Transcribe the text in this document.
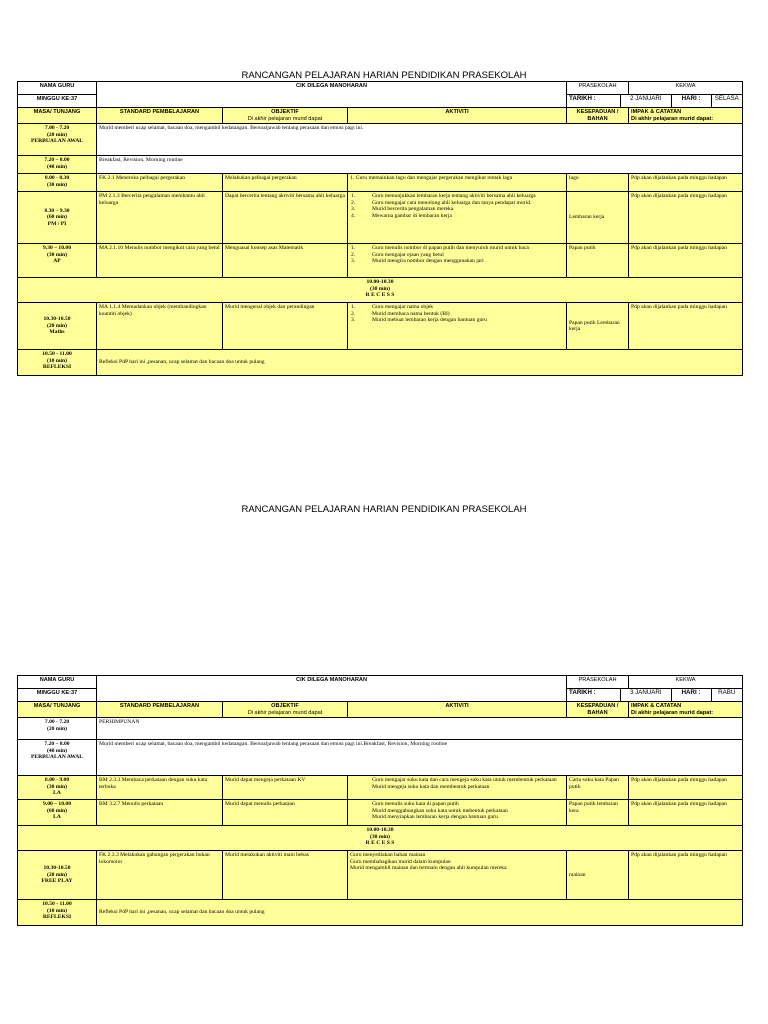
RANCANGAN PELAJARAN HARIAN PENDIDIKAN PRASEKOLAH
NAMA GURU	CIK DILEGA MANOHARAN	PRASEKOLAH	KEKWA
MINGGU KE:37		TARIKH :	2 JANUARI	HARI :	SELASA

MASA/ TUNJANG	STANDARD PEMBELAJARAN	OBJEKTIF
Di akhir pelajaran murid dapat
	AKTIVITI	KESEPADUAN / BAHAN	IMPAK & CATATAN
Di akhir pelajaran murid dapat:

7.00 - 7.20
(20 min)
PERBUALAN AWAL
	Murid memberi ucap selamat, bacaan doa, mengambil kedatangan. Bersoaljawab tentang perasaan dan emosi pagi ini.

7.20 – 8.00
(40 min)
	Breakfast, Revision, Morning routine

8.00 - 8.30
(30 min)
	FK 2.1 Meneroka pelbagai pergerakan	Melakukan pelbagai pergerakan	1. Guru memainkan lagu dan mengajar pergerakan mengikut rentak lagu	lagu	Pdp akan dijalankan pada minggu hadapan

8.30 – 9.30
(60 min)
PM / PI
	PM 2.1.3 Bercerita pengalaman membantu ahli keluarga	Dapat bercerita tentang aktiviti bersama ahli keluarga	1.	Guru menunjukkan lembaran kerja tentang aktiviti bersama ahli keluarga
2.	Guru mengajar cara menolong ahli keluarga dan tanya pendapat murid.
3.	Murid bercerita pengalaman mereka
4.	Mewarna gambar di lembaran kerja	Lembaran kerja	Pdp akan dijalankan pada minggu hadapan

9.30 – 10.00
(30 min)
AP
	MA 2.1.10 Menulis nombor mengikut cara yang betul	Menguasai konsep asas Matematik	1.	Guru menulis nombor di papan putih dan menyuruh murid untuk baca
2.	Guru mengajar ejaan yang betul
3.	Murid mengira nombor dengan menggunakan jari
	Papan putih	Pdp akan dijalankan pada minggu hadapan

10.00-10.30
(30 min)
R E C E S S

10.30-10.50
(20 min)
Maths
	MA 1.1.4 Memadankan objek (membandingkan kuantiti objek)	Murid mengenal objek dan perandingan	1.	Guru mengajar nama objek
2.	Murid membaca nama bentuk (BI)
3.	Murid mebuat lembaran kerja dengan bantuan guru	Papan putih Lembaran kerja	Pdp akan dijalankan pada minggu hadapan

10.50 - 11.00
(10 min)
REFLEKSI
	Refleksi PdP hari ini ,pesanan, ucap selamat dan bacaan doa untuk pulang
RANCANGAN PELAJARAN HARIAN PENDIDIKAN PRASEKOLAH
NAMA GURU	CIK DILEGA MANOHARAN	PRASEKOLAH	KEKWA
MINGGU KE:37		TARIKH :	3 JANUARI	HARI :	RABU

MASA/ TUNJANG	STANDARD PEMBELAJARAN	OBJEKTIF
Di akhir pelajaran murid dapat
	AKTIVITI	KESEPADUAN / BAHAN	IMPAK & CATATAN
Di akhir pelajaran murid dapat:

7.00 - 7.20
(20 min)
	PERHIMPUNAN

7.20 – 8.00
(40 min)
PERBUALAN AWAL
	Murid memberi ucap selamat, bacaan doa, mengambil kedatangan. Bersoaljawab tentang perasaan dan emosi pagi ini.Breakfast, Revision, Morning routine

8.00 - 9.00
(30 min)
LA
	BM 2.3.3 Membaca perkataan dengan suku kata terbuka	Murid dapat mengeja perkataan KV	Guru mengajar suku kata dan cara mengeja suku kata untuk membentuk perkataan
Murid mengeja suku kata dan membentuk perkataan
	Carta suku kata Papan putih	Pdp akan dijalankan pada minggu hadapan

9.00 – 10.00
(60 min)
LA
	BM 3.2.7 Menulis perkataan	Murid dapat menulis perkataan	Guru menulis suku kata di papan putih
Murid menggabungkan suku kata untuk mebentuk perkataan
Murid menyiapkan lembaran kerja dengan bantuan guru
	Papan putih lembaran kera	Pdp akan dijalankan pada minggu hadapan

10.00-10.30
(30 min)
R E C E S S

10.30-10.50
(20 min)
FREE PLAY
	FK 2.3.3 Melakukan gabungan pergerakan bukan lokomotor	Murid melakukan aktiviti main bebas	Guru menyediakan bahan mainan
Guru membahagikan murid dalam kumpulan
Murid mengambil mainan dan bermain dengan ahli kumpulan mereka
	mainan	Pdp akan dijalankan pada minggu hadapan

10.50 - 11.00
(10 min)
REFLEKSI
	Refleksi PdP hari ini ,pesanan, ucap selamat dan bacaan doa untuk pulang
